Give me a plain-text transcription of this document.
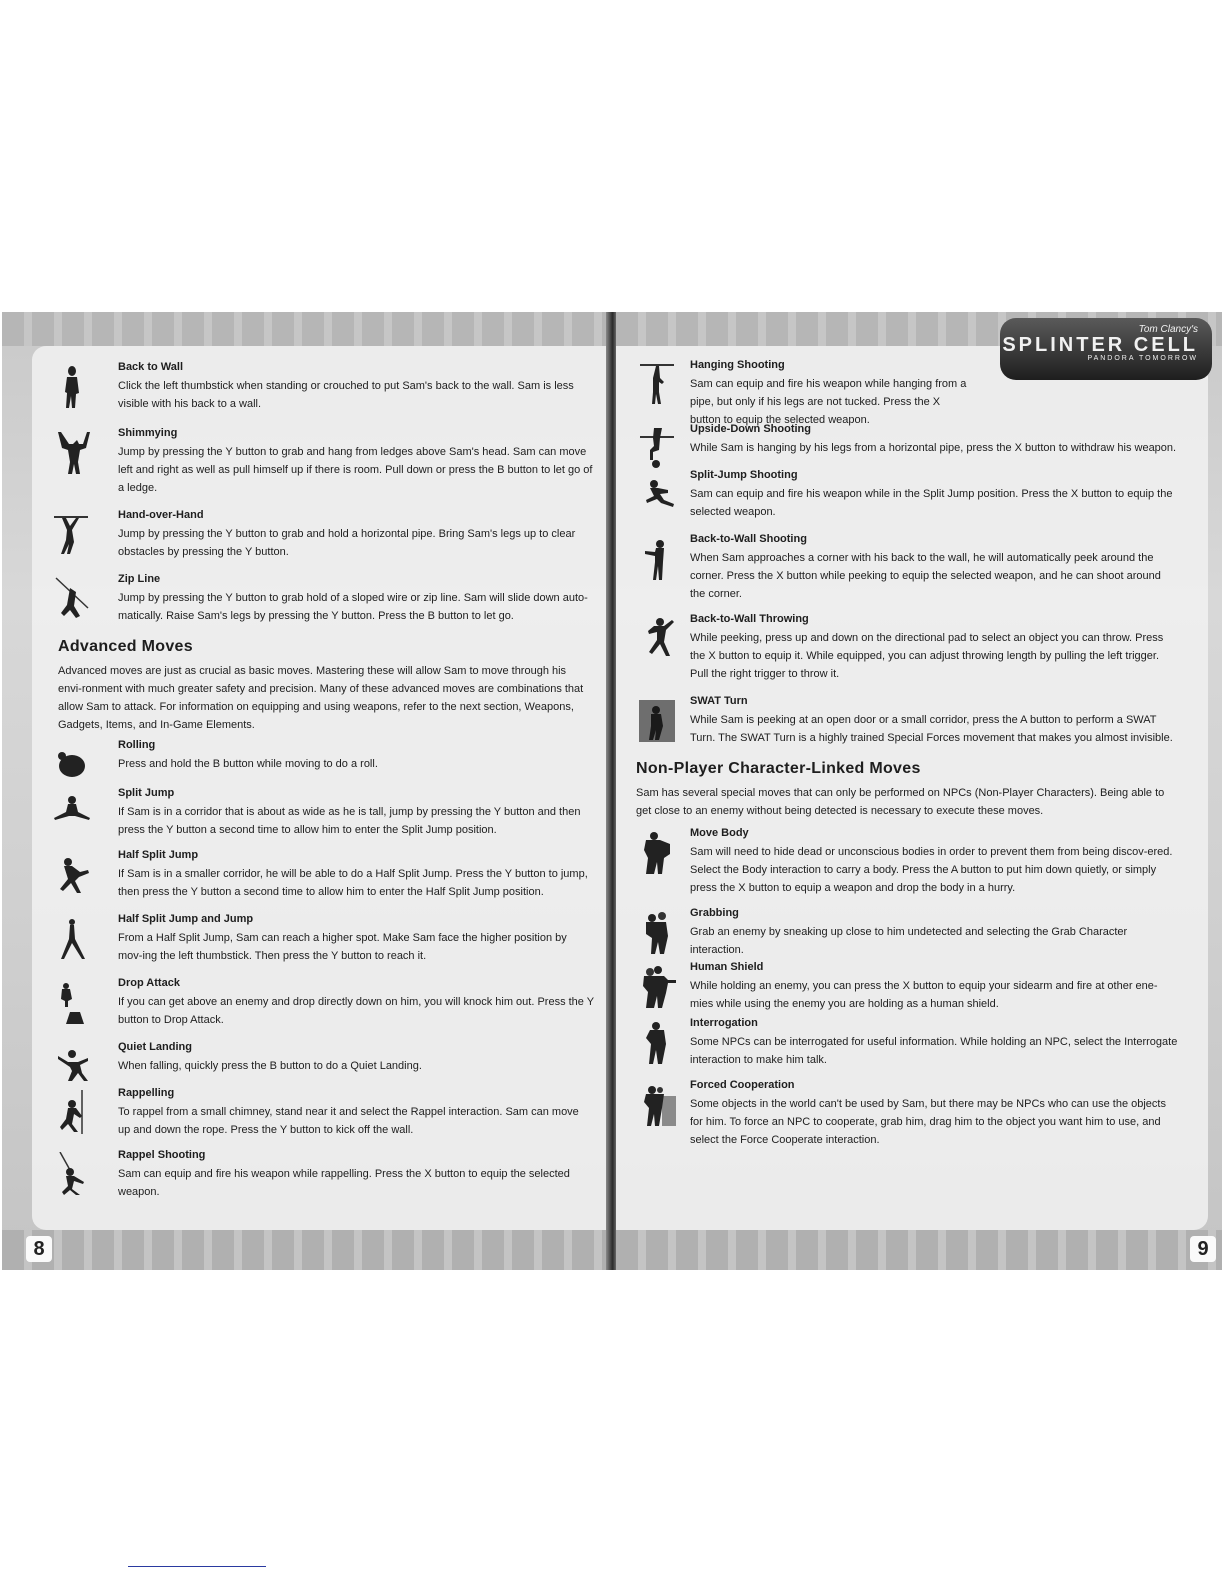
Back to Wall

Click the left thumbstick when standing or crouched to put Sam's back to the wall. Sam is less visible with his back to a wall.

Shimmying

Jump by pressing the Y button to grab and hang from ledges above Sam's head. Sam can move left and right as well as pull himself up if there is room. Pull down or press the B button to let go of a ledge.

Hand-over-Hand

Jump by pressing the Y button to grab and hold a horizontal pipe. Bring Sam's legs up to clear obstacles by pressing the Y button.

Zip Line

Jump by pressing the Y button to grab hold of a sloped wire or zip line. Sam will slide down auto-matically. Raise Sam's legs by pressing the Y button. Press the B button to let go.

Advanced Moves
Advanced moves are just as crucial as basic moves. Mastering these will allow Sam to move through his envi-ronment with much greater safety and precision. Many of these advanced moves are combinations that allow Sam to attack. For information on equipping and using weapons, refer to the next section, Weapons, Gadgets, Items, and In-Game Elements.
Rolling

Press and hold the B button while moving to do a roll.

Split Jump

If Sam is in a corridor that is about as wide as he is tall, jump by pressing the Y button and then press the Y button a second time to allow him to enter the Split Jump position.

Half Split Jump

If Sam is in a smaller corridor, he will be able to do a Half Split Jump. Press the Y button to jump, then press the Y button a second time to allow him to enter the Half Split Jump position.

Half Split Jump and Jump

From a Half Split Jump, Sam can reach a higher spot. Make Sam face the higher position by mov-ing the left thumbstick. Then press the Y button to reach it.

Drop Attack

If you can get above an enemy and drop directly down on him, you will knock him out. Press the Y button to Drop Attack.

Quiet Landing

When falling, quickly press the B button to do a Quiet Landing.

Rappelling

To rappel from a small chimney, stand near it and select the Rappel interaction. Sam can move up and down the rope. Press the Y button to kick off the wall.

Rappel Shooting

Sam can equip and fire his weapon while rappelling. Press the X button to equip the selected weapon.

8
Tom Clancy's
SPLINTER CELL
PANDORA TOMORROW
Hanging Shooting

Sam can equip and fire his weapon while hanging from a pipe, but only if his legs are not tucked. Press the X button to equip the selected weapon.

Upside-Down Shooting

While Sam is hanging by his legs from a horizontal pipe, press the X button to withdraw his weapon.

Split-Jump Shooting

Sam can equip and fire his weapon while in the Split Jump position. Press the X button to equip the selected weapon.

Back-to-Wall Shooting

When Sam approaches a corner with his back to the wall, he will automatically peek around the corner. Press the X button while peeking to equip the selected weapon, and he can shoot around the corner.

Back-to-Wall Throwing

While peeking, press up and down on the directional pad to select an object you can throw. Press the X button to equip it. While equipped, you can adjust throwing length by pulling the left trigger. Pull the right trigger to throw it.

SWAT Turn

While Sam is peeking at an open door or a small corridor, press the A button to perform a SWAT Turn. The SWAT Turn is a highly trained Special Forces movement that makes you almost invisible.

Non-Player Character-Linked Moves
Sam has several special moves that can only be performed on NPCs (Non-Player Characters). Being able to get close to an enemy without being detected is necessary to execute these moves.
Move Body

Sam will need to hide dead or unconscious bodies in order to prevent them from being discov-ered. Select the Body interaction to carry a body. Press the A button to put him down quietly, or simply press the X button to equip a weapon and drop the body in a hurry.

Grabbing

Grab an enemy by sneaking up close to him undetected and selecting the Grab Character interaction.

Human Shield

While holding an enemy, you can press the X button to equip your sidearm and fire at other ene-mies while using the enemy you are holding as a human shield.

Interrogation

Some NPCs can be interrogated for useful information. While holding an NPC, select the Interrogate interaction to make him talk.

Forced Cooperation

Some objects in the world can't be used by Sam, but there may be NPCs who can use the objects for him. To force an NPC to cooperate, grab him, drag him to the object you want him to use, and select the Force Cooperate interaction.

9
